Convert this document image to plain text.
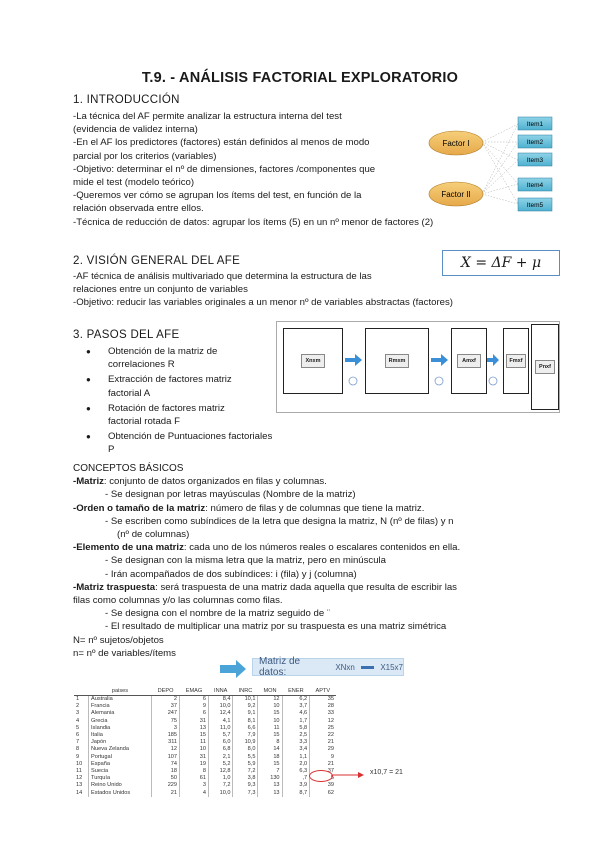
T.9. - ANÁLISIS FACTORIAL EXPLORATORIO
1. INTRODUCCIÓN
-La técnica del AF permite analizar la estructura interna del test
(evidencia de validez interna)
-En el AF los predictores (factores) están definidos al menos de modo
parcial por los criterios (variables)
-Objetivo: determinar el nº de dimensiones, factores /componentes que
mide el test (modelo teórico)
-Queremos ver cómo se agrupan los ítems del test, en función de la
relación observada entre ellos.
-Técnica de reducción de datos: agrupar los ítems (5) en un nº menor de factores (2)
Factor I
Factor II
Item1
Item2
Item3
Item4
Item5
2. VISIÓN GENERAL DEL AFE	X = ΔF + μ
-AF técnica de análisis multivariado que determina la estructura de las
relaciones entre un conjunto de variables
-Objetivo: reducir las variables originales a un menor nº de variables abstractas (factores)
3. PASOS DEL AFE
● Obtención de la matriz de
correlaciones R
● Extracción de factores matriz
factorial A
● Rotación de factores matriz
factorial rotada F
● Obtención de Puntuaciones factoriales P
Xnxm	Rmxm	Amxf	Fmxf
Pnxf
CONCEPTOS BÁSICOS
-Matriz: conjunto de datos organizados en filas y columnas.
- Se designan por letras mayúsculas (Nombre de la matriz)
-Orden o tamaño de la matriz: número de filas y de columnas que tiene la matriz.
- Se escriben como subíndices de la letra que designa la matriz, N (nº de filas) y n
(nº de columnas)
-Elemento de una matriz: cada uno de los números reales o escalares contenidos en ella.
- Se designan con la misma letra que la matriz, pero en minúscula
- Irán acompañados de dos subíndices: i (fila) y j (columna)
-Matriz traspuesta: será traspuesta de una matriz dada aquella que resulta de escribir las
filas como columnas y/o las columnas como filas.
- Se designa con el nombre de la matriz seguido de ¨
- El resultado de multiplicar una matriz por su traspuesta es una matriz simétrica
N= nº sujetos/objetos
n= nº de variables/ítems
Matriz de datos:	XNxn	X15x7
	paises	DEPO	EMAG	INNA	INRC	MON	ENER	APTV
1	Australia	2	6	8,4	10,1	12	6,2	35
2	Francia	37	9	10,0	9,2	10	3,7	28
3	Alemania	247	6	12,4	9,1	15	4,6	33
4	Grecia	75	31	4,1	8,1	10	1,7	12
5	Islandia	3	13	11,0	6,6	11	5,8	25
6	Italia	185	15	5,7	7,9	15	2,5	22
7	Japón	311	11	6,0	10,9	8	3,3	21
8	Nueva Zelanda	12	10	6,8	8,0	14	3,4	29
9	Portugal	107	31	2,1	5,5	18	1,1	9
10	España	74	19	5,2	5,9	15	2,0	21
11	Suecia	18	8	12,8	7,2	7	6,3	37
12	Turquía	50	61	1,0	3,8	130	,7	5
13	Reino Unido	229	3	7,2	9,3	13	3,9	39
14	Estados Unidos	21	4	10,0	7,3	13	8,7	62
x10,7 = 21
